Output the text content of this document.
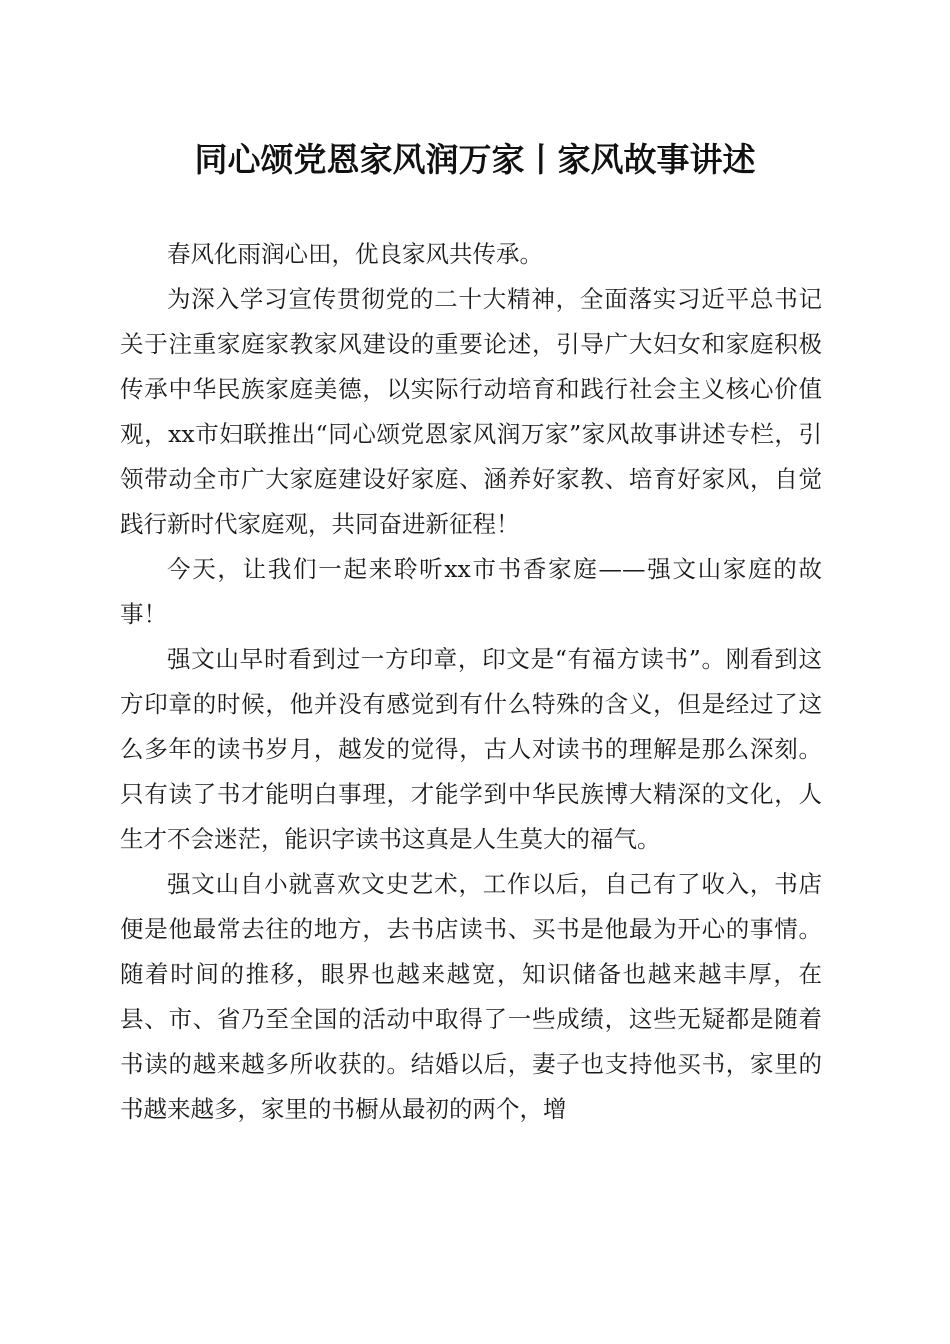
同心颂党恩家风润万家丨家风故事讲述

春风化雨润心田，优良家风共传承。

为深入学习宣传贯彻党的二十大精神，全面落实习近平总书记关于注重家庭家教家风建设的重要论述，引导广大妇女和家庭积极传承中华民族家庭美德，以实际行动培育和践行社会主义核心价值观，xx市妇联推出“同心颂党恩家风润万家”家风故事讲述专栏，引领带动全市广大家庭建设好家庭、涵养好家教、培育好家风，自觉践行新时代家庭观，共同奋进新征程！

今天，让我们一起来聆听xx市书香家庭——强文山家庭的故事！

强文山早时看到过一方印章，印文是“有福方读书”。刚看到这方印章的时候，他并没有感觉到有什么特殊的含义，但是经过了这么多年的读书岁月，越发的觉得，古人对读书的理解是那么深刻。只有读了书才能明白事理，才能学到中华民族博大精深的文化，人生才不会迷茫，能识字读书这真是人生莫大的福气。

强文山自小就喜欢文史艺术，工作以后，自己有了收入，书店便是他最常去往的地方，去书店读书、买书是他最为开心的事情。随着时间的推移，眼界也越来越宽，知识储备也越来越丰厚，在县、市、省乃至全国的活动中取得了一些成绩，这些无疑都是随着书读的越来越多所收获的。结婚以后，妻子也支持他买书，家里的书越来越多，家里的书橱从最初的两个，增
